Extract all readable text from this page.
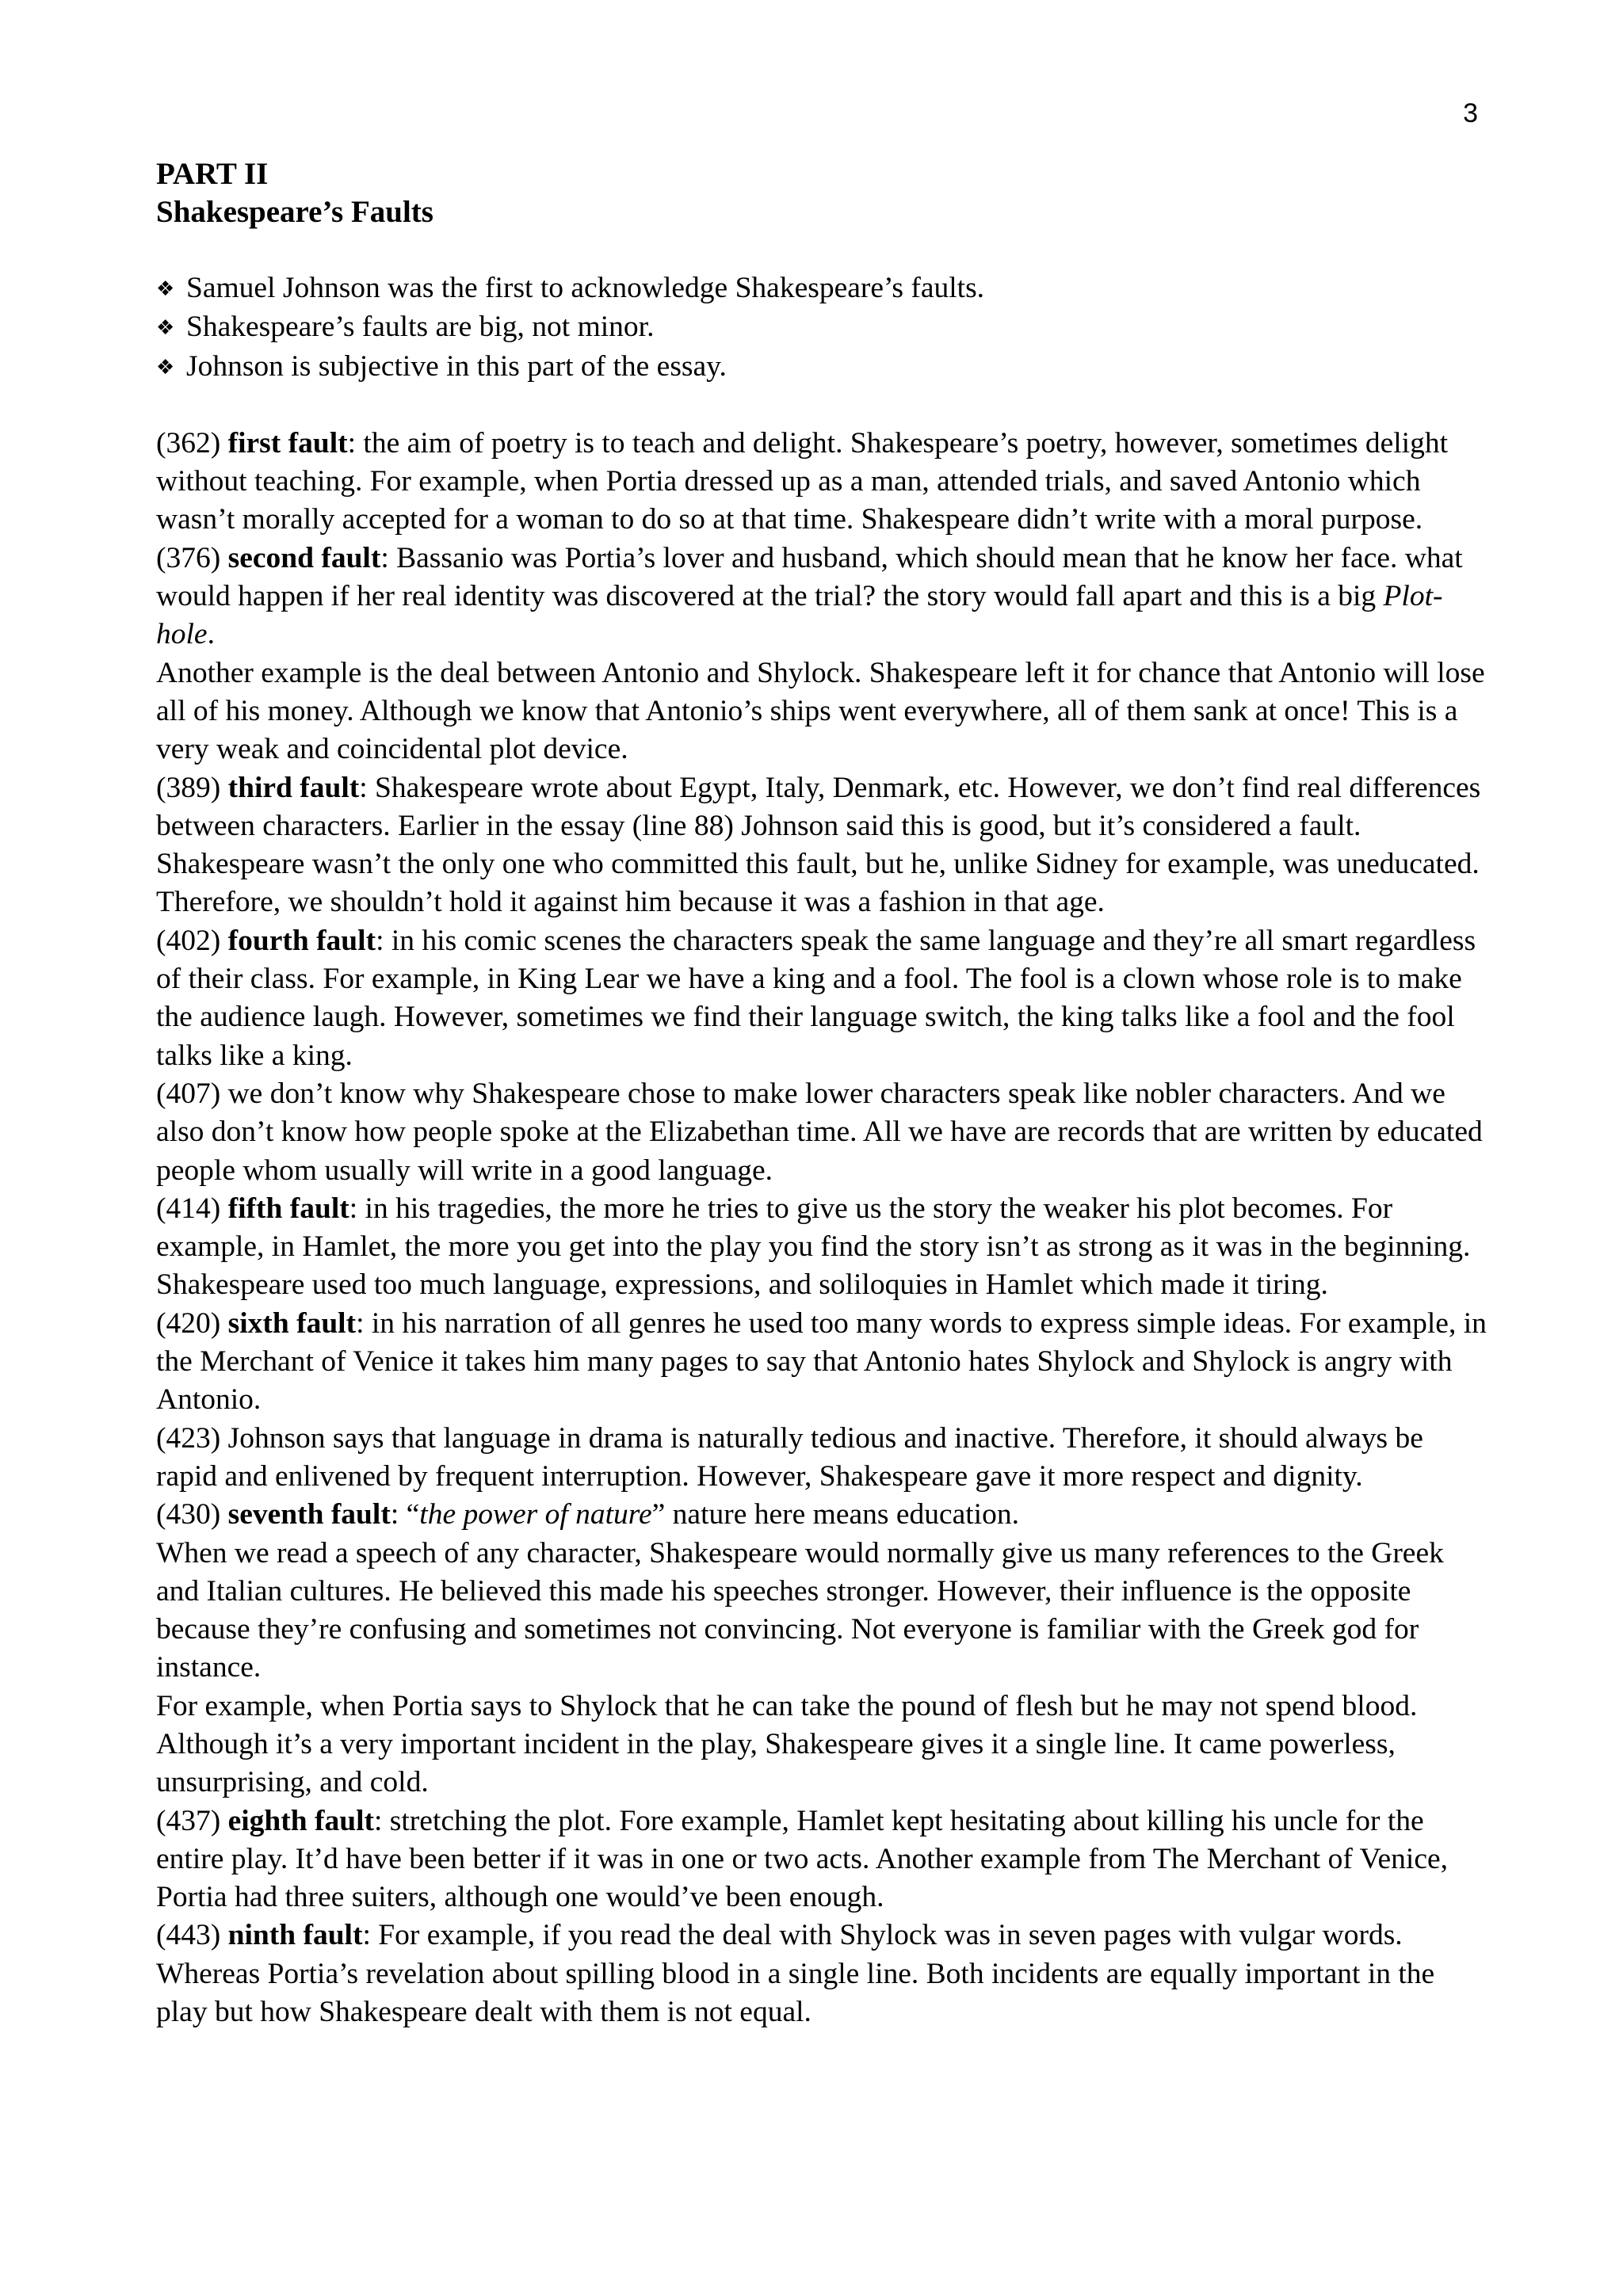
3

PART II

Shakespeare’s Faults

❖ Samuel Johnson was the first to acknowledge Shakespeare’s faults.
❖ Shakespeare’s faults are big, not minor.
❖ Johnson is subjective in this part of the essay.

(362) first fault: the aim of poetry is to teach and delight. Shakespeare’s poetry, however, sometimes delight without teaching. For example, when Portia dressed up as a man, attended trials, and saved Antonio which wasn’t morally accepted for a woman to do so at that time. Shakespeare didn’t write with a moral purpose.

(376) second fault: Bassanio was Portia’s lover and husband, which should mean that he know her face. what would happen if her real identity was discovered at the trial? the story would fall apart and this is a big Plot-hole.

Another example is the deal between Antonio and Shylock. Shakespeare left it for chance that Antonio will lose all of his money. Although we know that Antonio’s ships went everywhere, all of them sank at once! This is a very weak and coincidental plot device.

(389) third fault: Shakespeare wrote about Egypt, Italy, Denmark, etc. However, we don’t find real differences between characters. Earlier in the essay (line 88) Johnson said this is good, but it’s considered a fault. Shakespeare wasn’t the only one who committed this fault, but he, unlike Sidney for example, was uneducated. Therefore, we shouldn’t hold it against him because it was a fashion in that age.

(402) fourth fault: in his comic scenes the characters speak the same language and they’re all smart regardless of their class. For example, in King Lear we have a king and a fool. The fool is a clown whose role is to make the audience laugh. However, sometimes we find their language switch, the king talks like a fool and the fool talks like a king.

(407) we don’t know why Shakespeare chose to make lower characters speak like nobler characters. And we also don’t know how people spoke at the Elizabethan time. All we have are records that are written by educated people whom usually will write in a good language.

(414) fifth fault: in his tragedies, the more he tries to give us the story the weaker his plot becomes. For example, in Hamlet, the more you get into the play you find the story isn’t as strong as it was in the beginning. Shakespeare used too much language, expressions, and soliloquies in Hamlet which made it tiring.

(420) sixth fault: in his narration of all genres he used too many words to express simple ideas. For example, in the Merchant of Venice it takes him many pages to say that Antonio hates Shylock and Shylock is angry with Antonio.

(423) Johnson says that language in drama is naturally tedious and inactive. Therefore, it should always be rapid and enlivened by frequent interruption. However, Shakespeare gave it more respect and dignity.

(430) seventh fault: “the power of nature” nature here means education.

When we read a speech of any character, Shakespeare would normally give us many references to the Greek and Italian cultures. He believed this made his speeches stronger. However, their influence is the opposite because they’re confusing and sometimes not convincing. Not everyone is familiar with the Greek god for instance.

For example, when Portia says to Shylock that he can take the pound of flesh but he may not spend blood. Although it’s a very important incident in the play, Shakespeare gives it a single line. It came powerless, unsurprising, and cold.

(437) eighth fault: stretching the plot. Fore example, Hamlet kept hesitating about killing his uncle for the entire play. It’d have been better if it was in one or two acts. Another example from The Merchant of Venice, Portia had three suiters, although one would’ve been enough.

(443) ninth fault: For example, if you read the deal with Shylock was in seven pages with vulgar words. Whereas Portia’s revelation about spilling blood in a single line. Both incidents are equally important in the play but how Shakespeare dealt with them is not equal.
